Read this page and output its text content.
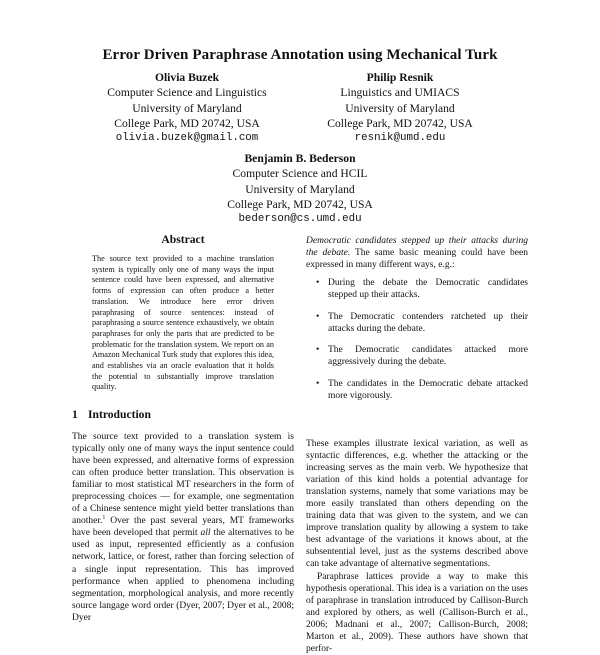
Error Driven Paraphrase Annotation using Mechanical Turk
Olivia Buzek
Computer Science and Linguistics
University of Maryland
College Park, MD 20742, USA
olivia.buzek@gmail.com
Philip Resnik
Linguistics and UMIACS
University of Maryland
College Park, MD 20742, USA
resnik@umd.edu
Benjamin B. Bederson
Computer Science and HCIL
University of Maryland
College Park, MD 20742, USA
bederson@cs.umd.edu
Abstract
The source text provided to a machine translation system is typically only one of many ways the input sentence could have been expressed, and alternative forms of expression can often produce a better translation. We introduce here error driven paraphrasing of source sentences: instead of paraphrasing a source sentence exhaustively, we obtain paraphrases for only the parts that are predicted to be problematic for the translation system. We report on an Amazon Mechanical Turk study that explores this idea, and establishes via an oracle evaluation that it holds the potential to substantially improve translation quality.
1 Introduction

The source text provided to a translation system is typically only one of many ways the input sentence could have been expressed, and alternative forms of expression can often produce better translation. This observation is familiar to most statistical MT researchers in the form of preprocessing choices — for example, one segmentation of a Chinese sentence might yield better translations than another.$^1$ Over the past several years, MT frameworks have been developed that permit all the alternatives to be used as input, represented efficiently as a confusion network, lattice, or forest, rather than forcing selection of a single input representation. This has improved performance when applied to phenomena including segmentation, morphological analysis, and more recently source langage word order (Dyer, 2007; Dyer et al., 2008; Dyer

Democratic candidates stepped up their attacks during the debate. The same basic meaning could have been expressed in many different ways, e.g.:

• During the debate the Democratic candidates stepped up their attacks.
• The Democratic contenders ratcheted up their attacks during the debate.
• The Democratic candidates attacked more aggressively during the debate.
• The candidates in the Democratic debate attacked more vigorously.

These examples illustrate lexical variation, as well as syntactic differences, e.g. whether the attacking or the increasing serves as the main verb. We hypothesize that variation of this kind holds a potential advantage for translation systems, namely that some variations may be more easily translated than others depending on the training data that was given to the system, and we can improve translation quality by allowing a system to take best advantage of the variations it knows about, at the subsentential level, just as the systems described above can take advantage of alternative segmentations.

Paraphrase lattices provide a way to make this hypothesis operational. This idea is a variation on the uses of paraphrase in translation introduced by Callison-Burch and explored by others, as well (Callison-Burch et al., 2006; Madnani et al., 2007; Callison-Burch, 2008; Marton et al., 2009). These authors have shown that perfor-
